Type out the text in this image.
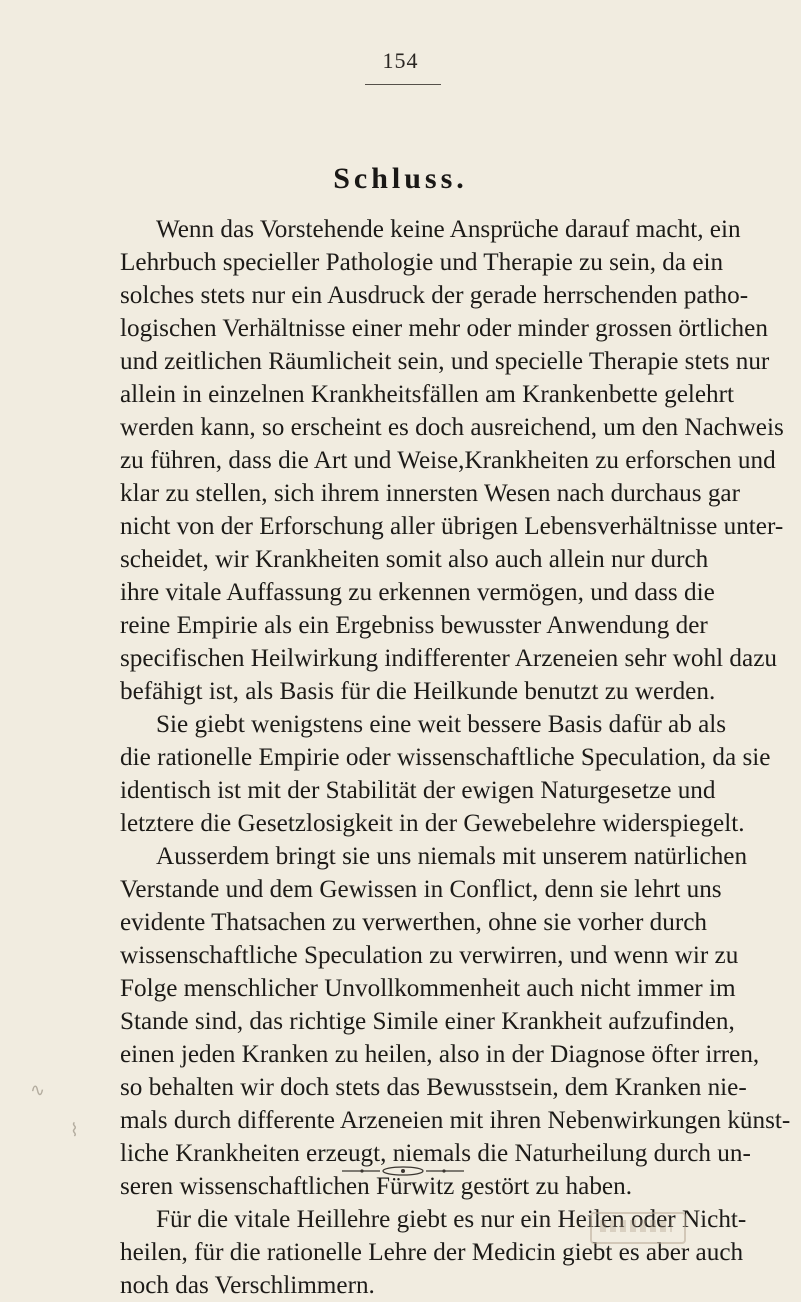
154
Schluss.

Wenn das Vorstehende keine Ansprüche darauf macht, ein

Lehrbuch specieller Pathologie und Therapie zu sein, da ein

solches stets nur ein Ausdruck der gerade herrschenden patho-

logischen Verhältnisse einer mehr oder minder grossen örtlichen

und zeitlichen Räumlicheit sein, und specielle Therapie stets nur

allein in einzelnen Krankheitsfällen am Krankenbette gelehrt

werden kann, so erscheint es doch ausreichend, um den Nachweis

zu führen, dass die Art und Weise,Krankheiten zu erforschen und

klar zu stellen, sich ihrem innersten Wesen nach durchaus gar

nicht von der Erforschung aller übrigen Lebensverhältnisse unter-

scheidet, wir Krankheiten somit also auch allein nur durch

ihre vitale Auffassung zu erkennen vermögen, und dass die

reine Empirie als ein Ergebniss bewusster Anwendung der

specifischen Heilwirkung indifferenter Arzeneien sehr wohl dazu

befähigt ist, als Basis für die Heilkunde benutzt zu werden.

Sie giebt wenigstens eine weit bessere Basis dafür ab als

die rationelle Empirie oder wissenschaftliche Speculation, da sie

identisch ist mit der Stabilität der ewigen Naturgesetze und

letztere die Gesetzlosigkeit in der Gewebelehre widerspiegelt.

Ausserdem bringt sie uns niemals mit unserem natürlichen

Verstande und dem Gewissen in Conflict, denn sie lehrt uns

evidente Thatsachen zu verwerthen, ohne sie vorher durch

wissenschaftliche Speculation zu verwirren, und wenn wir zu

Folge menschlicher Unvollkommenheit auch nicht immer im

Stande sind, das richtige Simile einer Krankheit aufzufinden,

einen jeden Kranken zu heilen, also in der Diagnose öfter irren,

so behalten wir doch stets das Bewusstsein, dem Kranken nie-

mals durch differente Arzeneien mit ihren Nebenwirkungen künst-

liche Krankheiten erzeugt, niemals die Naturheilung durch un-

seren wissenschaftlichen Fürwitz gestört zu haben.

Für die vitale Heillehre giebt es nur ein Heilen oder Nicht-

heilen, für die rationelle Lehre der Medicin giebt es aber auch

noch das Verschlimmern.

∿
⌇
